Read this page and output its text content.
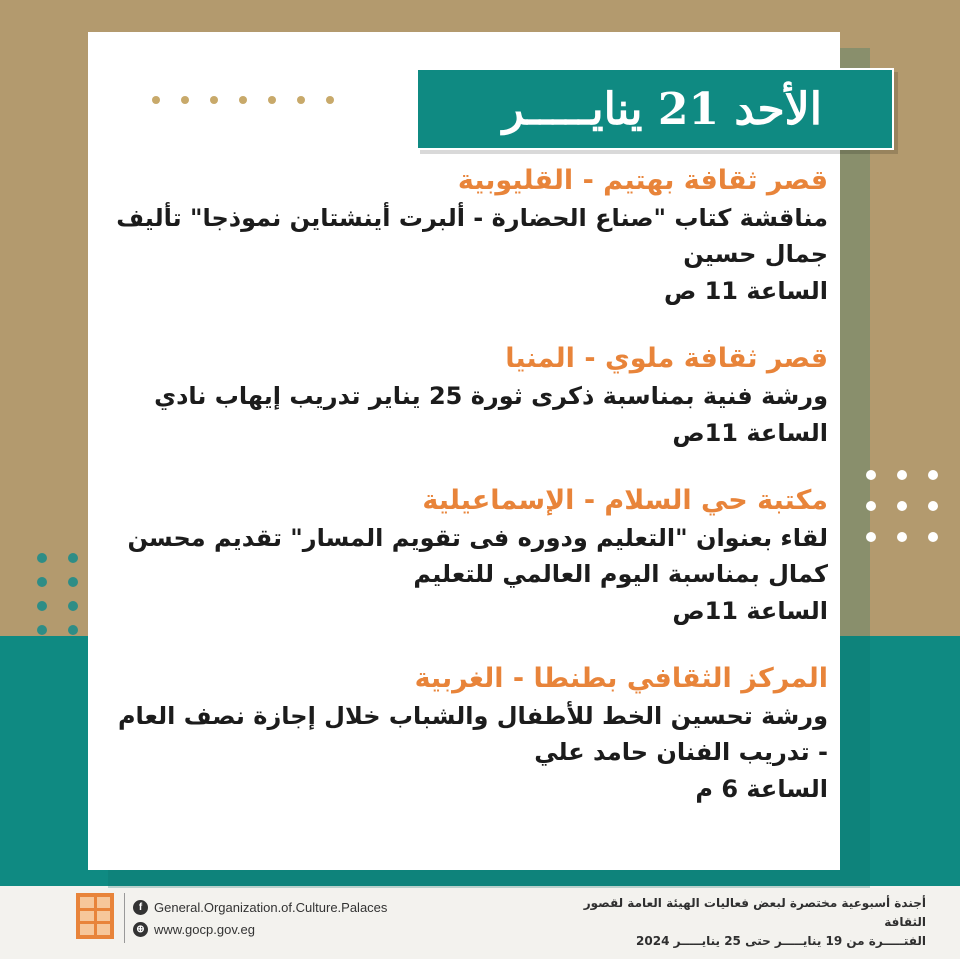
الأحد 21 ينايـــــر
قصر ثقافة بهتيم - القليوبية
مناقشة كتاب "صناع الحضارة - ألبرت أينشتاين نموذجا" تأليف جمال حسين
الساعة 11 ص
قصر ثقافة ملوي - المنيا
ورشة فنية بمناسبة ذكرى ثورة 25 يناير تدريب إيهاب نادي
الساعة 11ص
مكتبة حي السلام - الإسماعيلية
لقاء بعنوان "التعليم ودوره فى تقويم المسار" تقديم محسن كمال بمناسبة اليوم العالمي للتعليم
الساعة 11ص
المركز الثقافي بطنطا - الغربية
ورشة تحسين الخط للأطفال والشباب خلال إجازة نصف العام - تدريب الفنان حامد علي
الساعة 6 م
f General.Organization.of.Culture.Palaces
⊕ www.gocp.gov.eg
أجندة أسبوعية مختصرة لبعض فعاليات الهيئة العامة لقصور الثقافة
الفتـــــرة من 19 ينايـــــر حتى 25 ينايـــــر 2024
